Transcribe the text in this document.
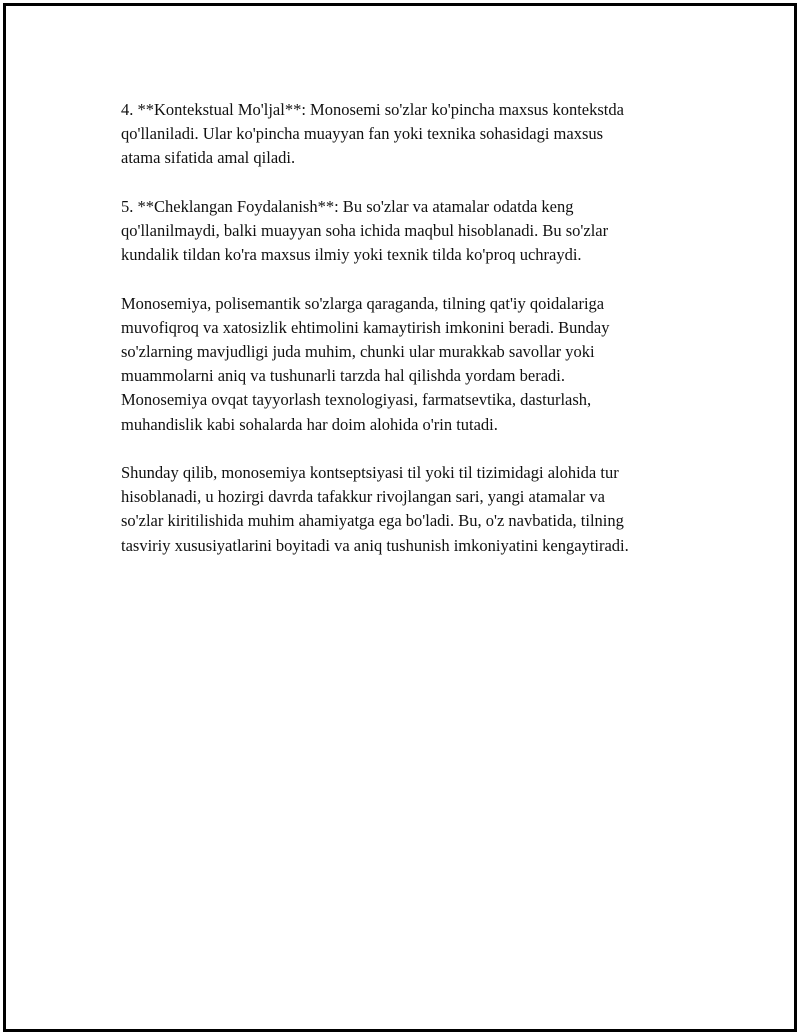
4. **Kontekstual Mo'ljal**: Monosemi so'zlar ko'pincha maxsus kontekstda
qo'llaniladi. Ular ko'pincha muayyan fan yoki texnika sohasidagi maxsus
atama sifatida amal qiladi.

5. **Cheklangan Foydalanish**: Bu so'zlar va atamalar odatda keng
qo'llanilmaydi, balki muayyan soha ichida maqbul hisoblanadi. Bu so'zlar
kundalik tildan ko'ra maxsus ilmiy yoki texnik tilda ko'proq uchraydi.

Monosemiya, polisemantik so'zlarga qaraganda, tilning qat'iy qoidalariga
muvofiqroq va xatosizlik ehtimolini kamaytirish imkonini beradi. Bunday
so'zlarning mavjudligi juda muhim, chunki ular murakkab savollar yoki
muammolarni aniq va tushunarli tarzda hal qilishda yordam beradi.
Monosemiya ovqat tayyorlash texnologiyasi, farmatsevtika, dasturlash,
muhandislik kabi sohalarda har doim alohida o'rin tutadi.

Shunday qilib, monosemiya kontseptsiyasi til yoki til tizimidagi alohida tur
hisoblanadi, u hozirgi davrda tafakkur rivojlangan sari, yangi atamalar va
so'zlar kiritilishida muhim ahamiyatga ega bo'ladi. Bu, o'z navbatida, tilning
tasviriy xususiyatlarini boyitadi va aniq tushunish imkoniyatini kengaytiradi.
